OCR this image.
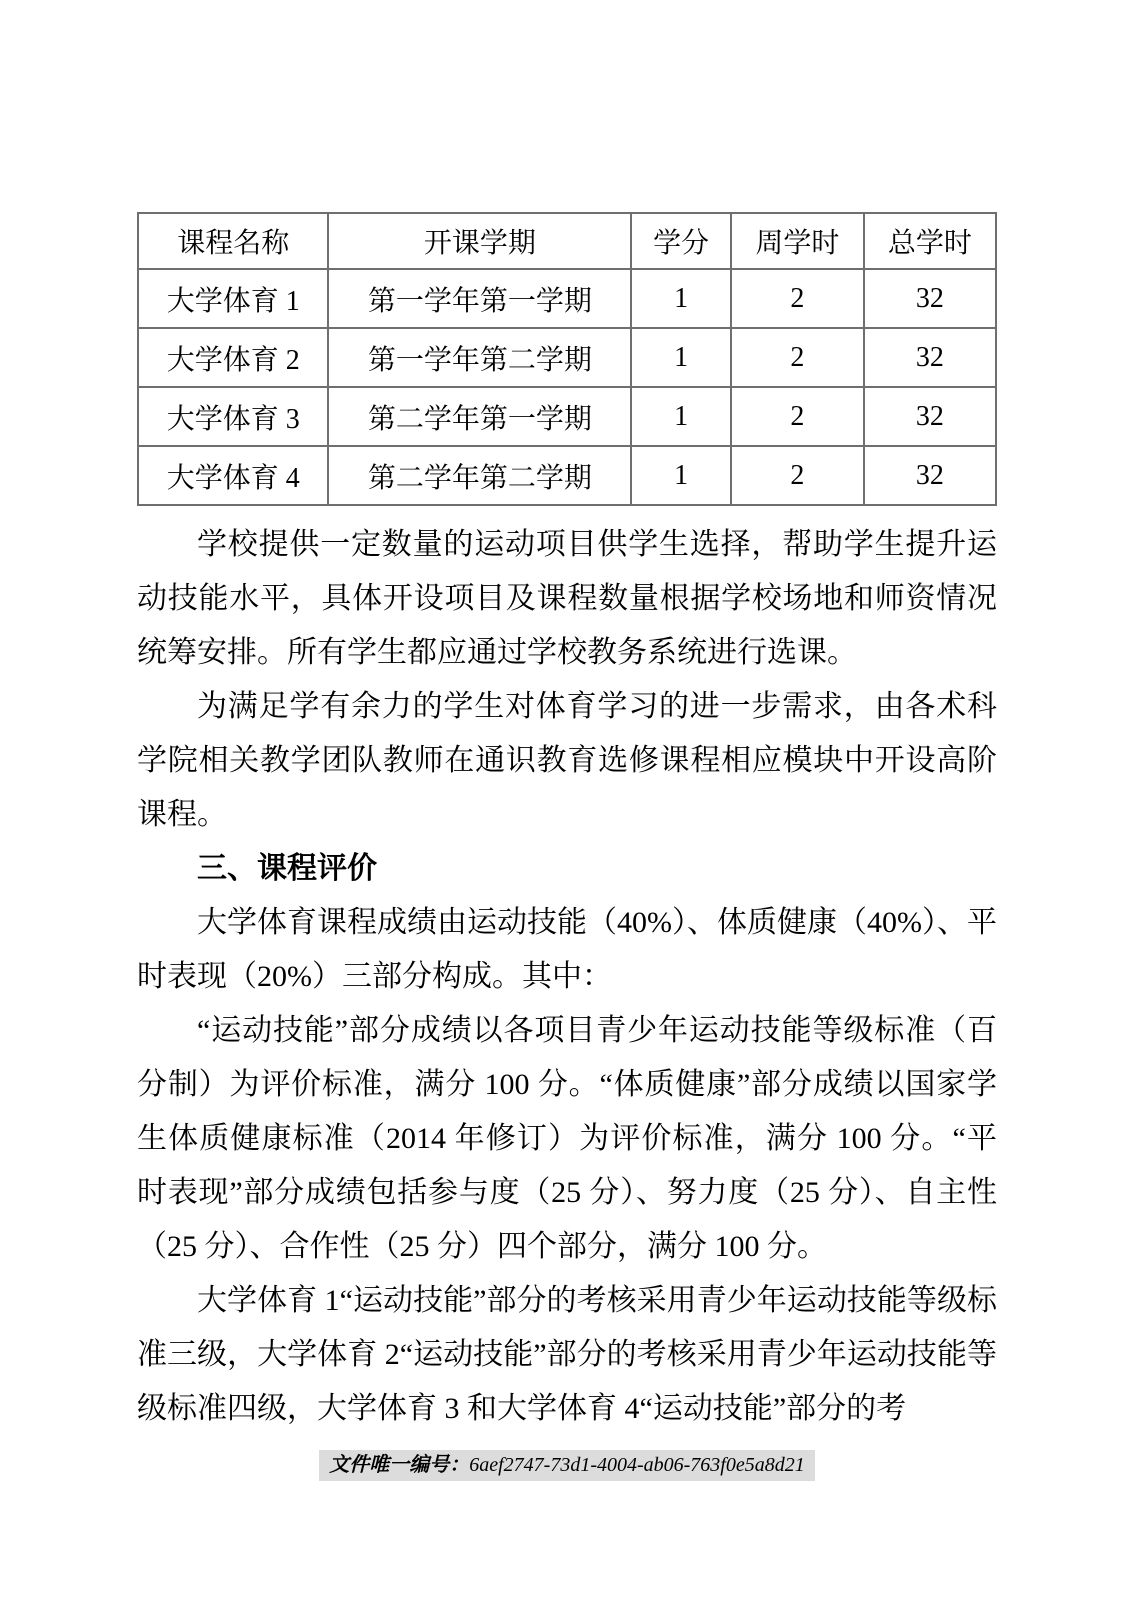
课程名称	开课学期	学分	周学时	总学时
大学体育 1	第一学年第一学期	1	2	32
大学体育 2	第一学年第二学期	1	2	32
大学体育 3	第二学年第一学期	1	2	32
大学体育 4	第二学年第二学期	1	2	32

学校提供一定数量的运动项目供学生选择，帮助学生提升运动技能水平，具体开设项目及课程数量根据学校场地和师资情况统筹安排。所有学生都应通过学校教务系统进行选课。

为满足学有余力的学生对体育学习的进一步需求，由各术科学院相关教学团队教师在通识教育选修课程相应模块中开设高阶课程。

三、课程评价

大学体育课程成绩由运动技能（40%）、体质健康（40%）、平时表现（20%）三部分构成。其中：

“运动技能”部分成绩以各项目青少年运动技能等级标准（百分制）为评价标准，满分 100 分。“体质健康”部分成绩以国家学生体质健康标准（2014 年修订）为评价标准，满分 100 分。“平时表现”部分成绩包括参与度（25 分）、努力度（25 分）、自主性（25 分）、合作性（25 分）四个部分，满分 100 分。

大学体育 1“运动技能”部分的考核采用青少年运动技能等级标准三级，大学体育 2“运动技能”部分的考核采用青少年运动技能等级标准四级，大学体育 3 和大学体育 4“运动技能”部分的考

文件唯一编号：6aef2747-73d1-4004-ab06-763f0e5a8d21
